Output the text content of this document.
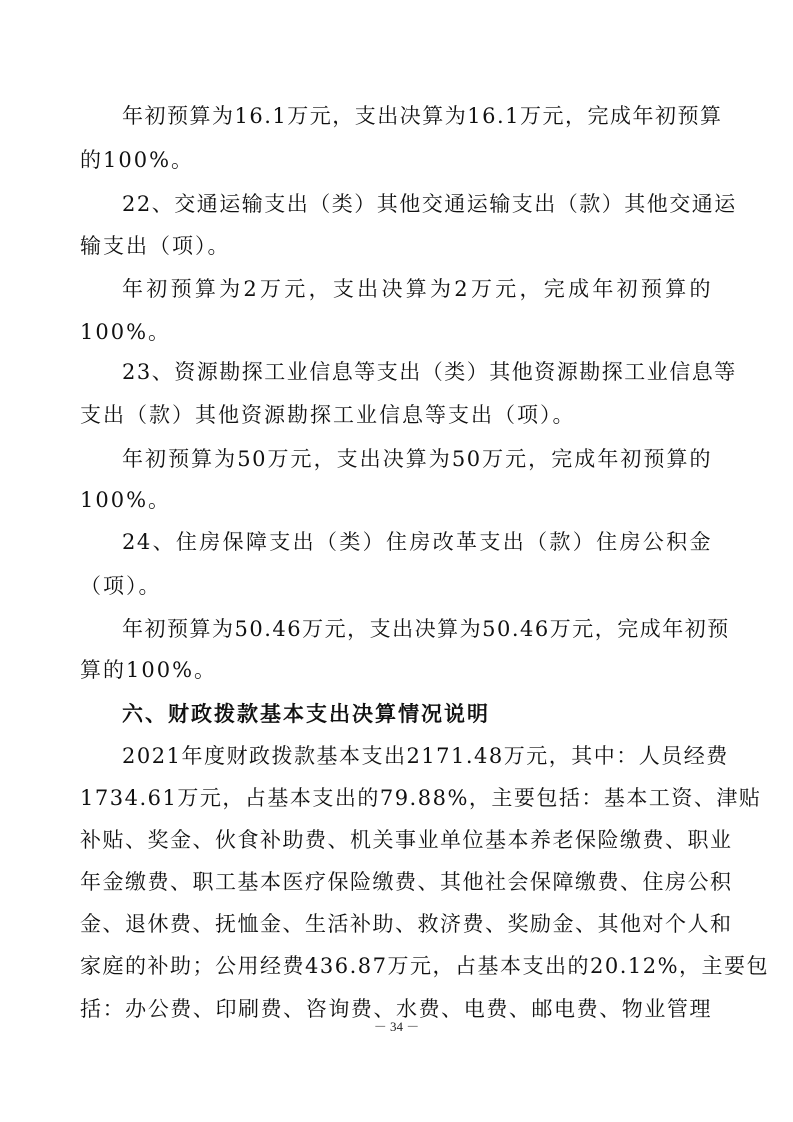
年初预算为16.1万元，支出决算为16.1万元，完成年初预算
的100%。
22、交通运输支出（类）其他交通运输支出（款）其他交通运
输支出（项）。
年初预算为2万元，支出决算为2万元，完成年初预算的
100%。
23、资源勘探工业信息等支出（类）其他资源勘探工业信息等
支出（款）其他资源勘探工业信息等支出（项）。
年初预算为50万元，支出决算为50万元，完成年初预算的
100%。
24、住房保障支出（类）住房改革支出（款）住房公积金
（项）。
年初预算为50.46万元，支出决算为50.46万元，完成年初预
算的100%。
六、财政拨款基本支出决算情况说明
2021年度财政拨款基本支出2171.48万元，其中：人员经费
1734.61万元，占基本支出的79.88%，主要包括：基本工资、津贴
补贴、奖金、伙食补助费、机关事业单位基本养老保险缴费、职业
年金缴费、职工基本医疗保险缴费、其他社会保障缴费、住房公积
金、退休费、抚恤金、生活补助、救济费、奖励金、其他对个人和
家庭的补助；公用经费436.87万元，占基本支出的20.12%，主要包
括：办公费、印刷费、咨询费、水费、电费、邮电费、物业管理
－ 34 －
